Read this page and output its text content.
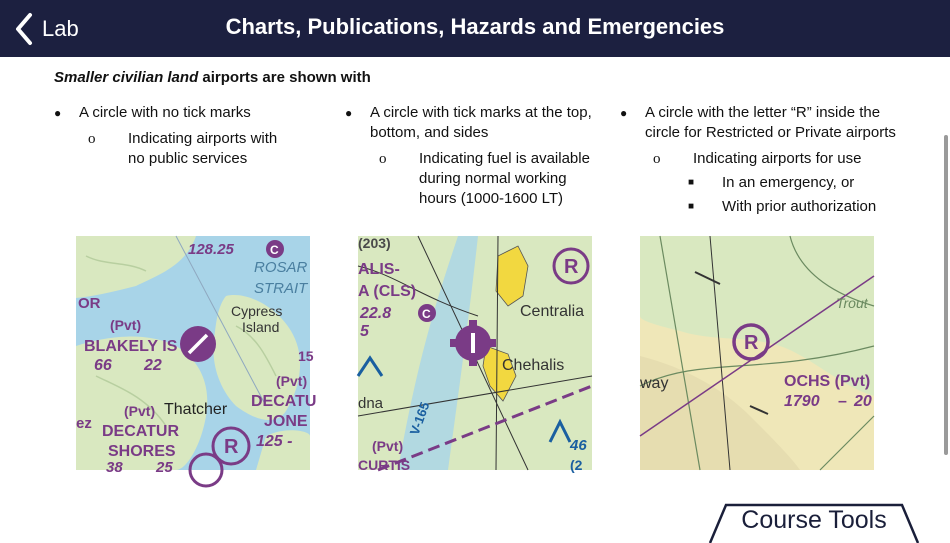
Lab	Charts, Publications, Hazards and Emergencies
Smaller civilian land airports are shown with
● A circle with no tick marks
o Indicating airports with no public services
● A circle with tick marks at the top, bottom, and sides
o Indicating fuel is available during normal working hours (1000-1600 LT)
● A circle with the letter “R” inside the circle for Restricted or Private airports
o Indicating airports for use
■ In an emergency, or
■ With prior authorization
R
128.25	C
ROSAR
STRAIT
OR
(Pvt)
Cypress
Island
BLAKELY IS
66 22
(Pvt)
DECATU
JONE
125 -
(Pvt) Thatcher
ez DECATUR
SHORES
38 25
15
R
C
(203)
ALIS-
A (CLS)
22.8
5
Centralia
Chehalis
dna V-165
(Pvt)
CURTIS
46
(2
R
Trout
way	OCHS (Pvt)
1790 20
–
Course Tools
